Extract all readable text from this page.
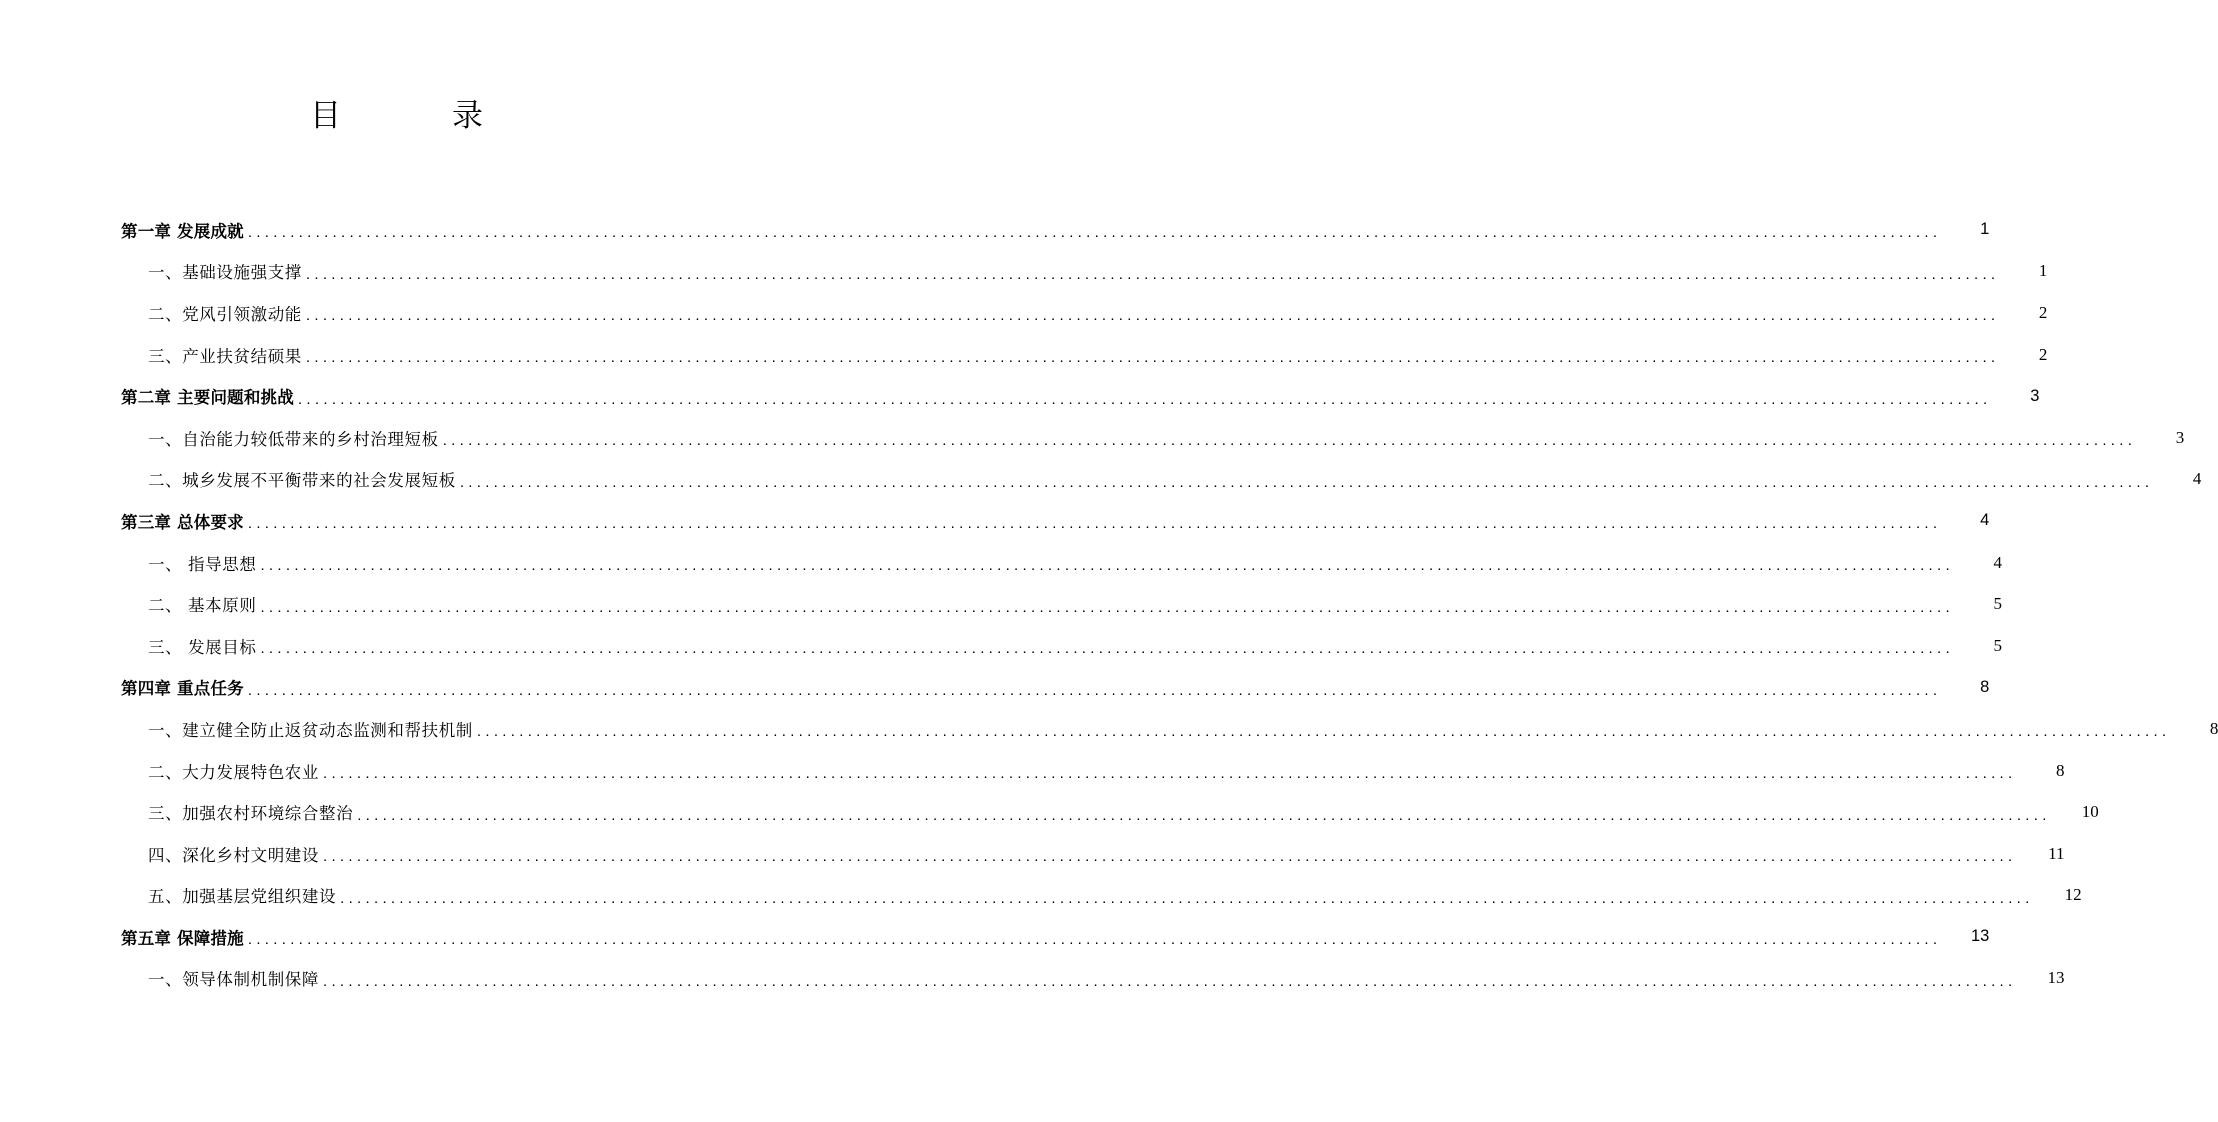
目　录
第一章 发展成就 ........................................................................................................................................................................................................	1
一、基础设施强支撑 ........................................................................................................................................................................................................	1
二、党风引领激动能 ........................................................................................................................................................................................................	2
三、产业扶贫结硕果 ........................................................................................................................................................................................................	2
第二章 主要问题和挑战 ........................................................................................................................................................................................................	3
一、自治能力较低带来的乡村治理短板 ........................................................................................................................................................................................................	3
二、城乡发展不平衡带来的社会发展短板 ........................................................................................................................................................................................................	4
第三章 总体要求 ........................................................................................................................................................................................................	4
一、 指导思想 ........................................................................................................................................................................................................	4
二、 基本原则 ........................................................................................................................................................................................................	5
三、 发展目标 ........................................................................................................................................................................................................	5
第四章 重点任务 ........................................................................................................................................................................................................	8
一、建立健全防止返贫动态监测和帮扶机制 ........................................................................................................................................................................................................	8
二、大力发展特色农业 ........................................................................................................................................................................................................	8
三、加强农村环境综合整治 ........................................................................................................................................................................................................	10
四、深化乡村文明建设 ........................................................................................................................................................................................................	11
五、加强基层党组织建设 ........................................................................................................................................................................................................	12
第五章 保障措施 ........................................................................................................................................................................................................	13
一、领导体制机制保障 ........................................................................................................................................................................................................	13
